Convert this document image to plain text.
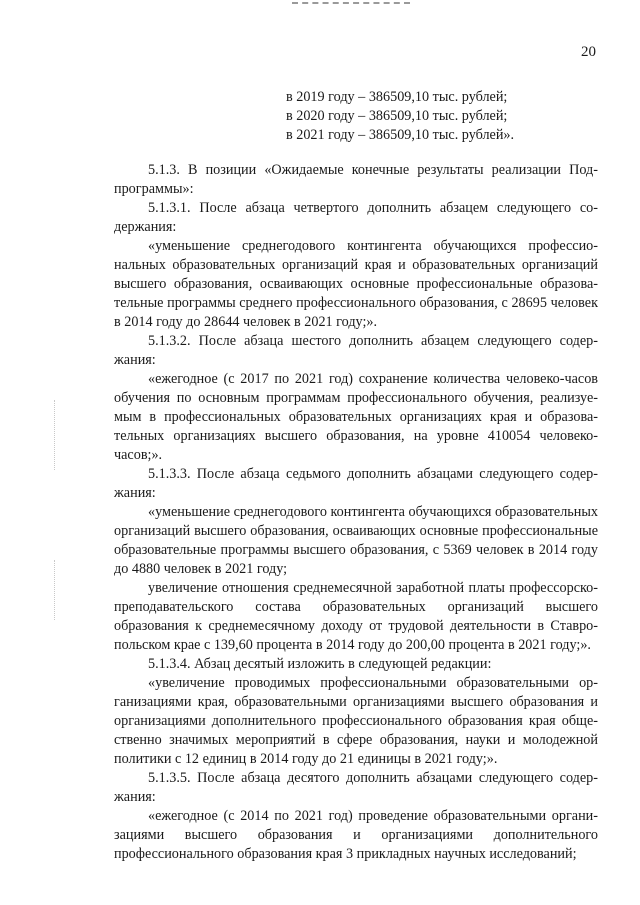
20
в 2019 году – 386509,10 тыс. рублей;
в 2020 году – 386509,10 тыс. рублей;
в 2021 году – 386509,10 тыс. рублей».

5.1.3. В позиции «Ожидаемые конечные результаты реализации Подпрограммы»:

5.1.3.1. После абзаца четвертого дополнить абзацем следующего содержания:

«уменьшение среднегодового контингента обучающихся профессиональных образовательных организаций края и образовательных организаций высшего образования, осваивающих основные профессиональные образовательные программы среднего профессионального образования, с 28695 человек в 2014 году до 28644 человек в 2021 году;».

5.1.3.2. После абзаца шестого дополнить абзацем следующего содержания:

«ежегодное (с 2017 по 2021 год) сохранение количества человеко-часов обучения по основным программам профессионального обучения, реализуемым в профессиональных образовательных организациях края и образовательных организациях высшего образования, на уровне 410054 человеко-часов;».

5.1.3.3. После абзаца седьмого дополнить абзацами следующего содержания:

«уменьшение среднегодового контингента обучающихся образовательных организаций высшего образования, осваивающих основные профессиональные образовательные программы высшего образования, с 5369 человек в 2014 году до 4880 человек в 2021 году;

увеличение отношения среднемесячной заработной платы профессорско-преподавательского состава образовательных организаций высшего образования к среднемесячному доходу от трудовой деятельности в Ставропольском крае с 139,60 процента в 2014 году до 200,00 процента в 2021 году;».

5.1.3.4. Абзац десятый изложить в следующей редакции:

«увеличение проводимых профессиональными образовательными организациями края, образовательными организациями высшего образования и организациями дополнительного профессионального образования края общественно значимых мероприятий в сфере образования, науки и молодежной политики с 12 единиц в 2014 году до 21 единицы в 2021 году;».

5.1.3.5. После абзаца десятого дополнить абзацами следующего содержания:

«ежегодное (с 2014 по 2021 год) проведение образовательными организациями высшего образования и организациями дополнительного профессионального образования края 3 прикладных научных исследований;
